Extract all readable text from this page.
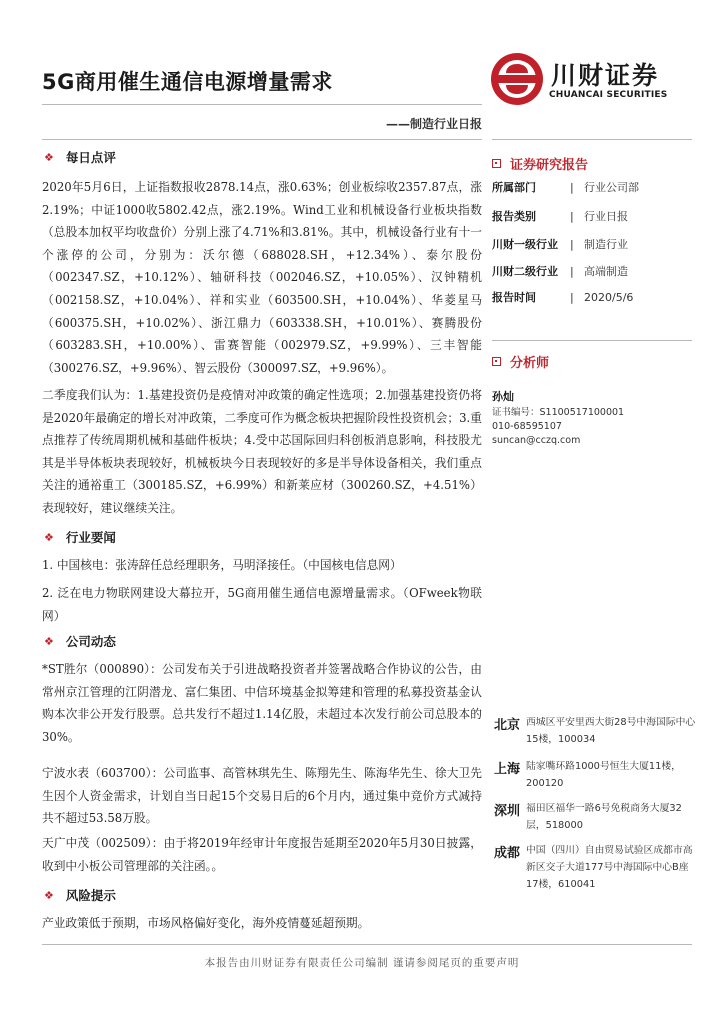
5G商用催生通信电源增量需求	川财证券
CHUANCAI SECURITIES
——制造行业日报
❖ 每日点评
2020年5月6日，上证指数报收2878.14点，涨0.63%；创业板综收2357.87点，涨2.19%；中证1000收5802.42点，涨2.19%。Wind工业和机械设备行业板块指数（总股本加权平均收盘价）分别上涨了4.71%和3.81%。其中，机械设备行业有十一个涨停的公司，分别为：沃尔德（688028.SH，+12.34%）、泰尔股份（002347.SZ，+10.12%）、轴研科技（002046.SZ，+10.05%）、汉钟精机（002158.SZ，+10.04%）、祥和实业（603500.SH，+10.04%）、华菱星马（600375.SH，+10.02%）、浙江鼎力（603338.SH，+10.01%）、赛腾股份（603283.SH，+10.00%）、雷赛智能（002979.SZ，+9.99%）、三丰智能（300276.SZ，+9.96%）、智云股份（300097.SZ，+9.96%）。
二季度我们认为：1.基建投资仍是疫情对冲政策的确定性选项；2.加强基建投资仍将是2020年最确定的增长对冲政策，二季度可作为概念板块把握阶段性投资机会；3.重点推荐了传统周期机械和基础件板块；4.受中芯国际回归科创板消息影响，科技股尤其是半导体板块表现较好，机械板块今日表现较好的多是半导体设备相关，我们重点关注的通裕重工（300185.SZ，+6.99%）和新莱应材（300260.SZ，+4.51%）表现较好，建议继续关注。
❖ 行业要闻
1. 中国核电：张涛辞任总经理职务，马明泽接任。（中国核电信息网）
2. 泛在电力物联网建设大幕拉开，5G商用催生通信电源增量需求。（OFweek物联网）
❖ 公司动态
*ST胜尔（000890）：公司发布关于引进战略投资者并签署战略合作协议的公告，由常州京江管理的江阴潜龙、富仁集团、中信环境基金拟筹建和管理的私募投资基金认购本次非公开发行股票。总共发行不超过1.14亿股，未超过本次发行前公司总股本的30%。
宁波水表（603700）：公司监事、高管林琪先生、陈翔先生、陈海华先生、徐大卫先生因个人资金需求，计划自当日起15个交易日后的6个月内，通过集中竞价方式减持共不超过53.58万股。
天广中茂（002509）：由于将2019年经审计年度报告延期至2020年5月30日披露，收到中小板公司管理部的关注函。。
❖ 风险提示
产业政策低于预期，市场风格偏好变化，海外疫情蔓延超预期。
证券研究报告
所属部门	| 行业公司部
报告类别	| 行业日报
川财一级行业	| 制造行业
川财二级行业	| 高端制造
报告时间	| 2020/5/6
分析师
孙灿
证书编号：S1100517100001
010-68595107
suncan@cczq.com
北京 西城区平安里西大街28号中海国际中心15楼，100034
上海 陆家嘴环路1000号恒生大厦11楼，200120
深圳 福田区福华一路6号免税商务大厦32层，518000
成都 中国（四川）自由贸易试验区成都市高新区交子大道177号中海国际中心B座17楼，610041
本报告由川财证券有限责任公司编制 谨请参阅尾页的重要声明
